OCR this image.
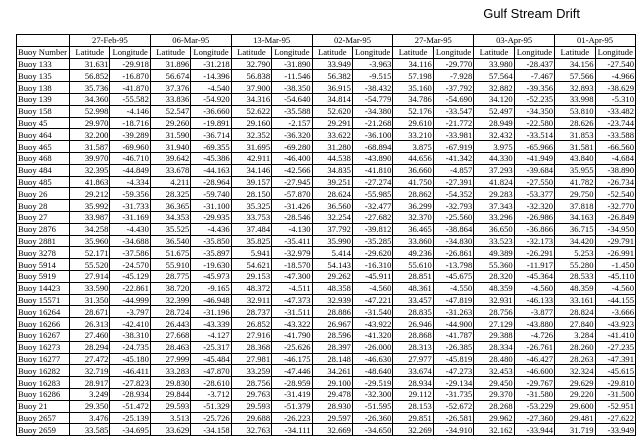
Gulf Stream Drift
	27-Feb-95		06-Mar-95		13-Mar-95		02-Mar-95		27-Mar-95		03-Apr-95		01-Apr-95	
Buoy Number	Latitude	Longitude	Latitude	Longitude	Latitude	Longitude	Latitude	Longitude	Latitude	Longitude	Latitude	Longitude	Latitude	Longitude
Buoy 133	31.631	-29.918	31.896	-31.218	32.790	-31.890	33.949	-3.963	34.116	-29.770	33.980	-28.437	34.156	-27.540
Buoy 135	56.852	-16.870	56.674	-14.396	56.838	-11.546	56.382	-9.515	57.198	-7.928	57.564	-7.467	57.566	-4.966
Buoy 138	35.736	-41.870	37.376	-4.540	37.900	-38.350	36.915	-38.432	35.160	-37.792	32.882	-39.356	32.893	-38.629
Buoy 139	34.360	-55.582	33.836	-54.920	34.316	-54.640	34.814	-54.779	34.786	-54.690	34.120	-52.235	33.998	-5.310
Buoy 158	52.998	-4.146	52.547	-36.660	52.622	-35.588	52.620	-34.380	52.176	-33.547	52.497	-34.350	53.810	-33.482
Buoy 45	29.970	-18.716	29.260	-19.891	29.160	-2.157	29.291	-21.268	29.610	-21.772	28.949	-22.580	28.626	-23.744
Buoy 464	32.200	-39.289	31.590	-36.714	32.352	-36.320	33.622	-36.100	33.210	-33.981	32.432	-33.514	31.853	-33.588
Buoy 465	31.587	-69.960	31.940	-69.355	31.695	-69.280	31.280	-68.894	3.875	-67.919	3.975	-65.966	31.581	-66.560
Buoy 468	39.970	-46.710	39.642	-45.386	42.911	-46.400	44.538	-43.890	44.656	-41.342	44.330	-41.949	43.840	-4.684
Buoy 484	32.395	-44.849	33.678	-44.163	34.146	-42.566	34.835	-41.810	36.660	-4.857	37.293	-39.684	35.955	-38.890
Buoy 485	41.863	-4.334	4.211	-28.964	39.157	-27.945	39.251	-27.274	41.750	-27.391	41.824	-27.550	41.782	-26.734
Buoy 26	29.212	-59.356	28.325	-59.740	28.150	-57.870	28.624	-55.985	28.862	-54.352	29.283	-53.377	29.750	-52.540
Buoy 28	35.992	-31.733	36.365	-31.100	35.325	-31.426	36.560	-32.477	36.299	-32.793	37.343	-32.320	37.818	-32.770
Buoy 27	33.987	-31.169	34.353	-29.935	33.753	-28.546	32.254	-27.682	32.370	-25.560	33.296	-26.986	34.163	-26.849
Buoy 2876	34.258	-4.430	35.525	-4.436	37.484	-4.130	37.792	-39.812	36.465	-38.864	36.650	-36.866	36.715	-34.950
Buoy 2881	35.960	-34.688	36.540	-35.850	35.825	-35.411	35.990	-35.285	33.860	-34.830	33.523	-32.173	34.420	-29.791
Buoy 3278	52.171	-37.586	51.675	-35.897	5.941	-32.979	5.414	-29.620	49.236	-26.861	49.389	-26.291	5.253	-26.991
Buoy 5914	55.520	-24.570	55.910	-19.630	54.621	-18.570	54.143	-16.310	55.610	-13.798	55.360	-11.917	55.280	-1.450
Buoy 5919	27.914	-45.129	28.775	-45.973	29.153	-47.300	29.262	-45.911	28.851	-45.675	28.320	-45.364	28.533	-45.110
Buoy 14423	33.590	-22.861	38.720	-9.165	48.372	-4.511	48.358	-4.560	48.361	-4.550	48.359	-4.560	48.359	-4.560
Buoy 15571	31.350	-44.999	32.399	-46.948	32.911	-47.373	32.939	-47.221	33.457	-47.819	32.931	-46.133	33.161	-44.155
Buoy 16264	28.671	-3.797	28.724	-31.196	28.737	-31.511	28.886	-31.540	28.835	-31.263	28.756	-3.877	28.824	-3.666
Buoy 16266	26.313	-42.410	26.443	-43.339	26.852	-43.322	26.967	-43.922	26.946	-44.900	27.129	-43.880	27.840	-43.923
Buoy 16267	27.460	-38.310	27.668	-4.127	27.916	-41.790	28.596	-41.320	28.868	-41.787	29.388	-4.726	3.284	-41.410
Buoy 16273	28.294	-24.735	28.463	-25.317	28.368	-25.626	28.397	-26.000	28.313	-26.385	28.334	-26.761	28.260	-27.235
Buoy 16277	27.472	-45.180	27.999	-45.484	27.981	-46.175	28.148	-46.630	27.977	-45.819	28.480	-46.427	28.263	-47.391
Buoy 16282	32.719	-46.411	33.283	-47.870	33.259	-47.446	34.261	-48.640	33.674	-47.273	32.453	-46.600	32.324	-45.615
Buoy 16283	28.917	-27.823	29.830	-28.610	28.756	-28.959	29.100	-29.519	28.934	-29.134	29.450	-29.767	29.629	-29.810
Buoy 16286	3.249	-28.934	29.844	-3.712	29.763	-31.419	29.478	-32.300	29.112	-31.735	29.370	-31.580	29.220	-31.500
Buoy 21	29.350	-51.472	29.593	-51.329	29.593	-51.379	28.930	-51.595	28.153	-52.672	28.268	-53.229	29.600	-52.951
Buoy 2657	3.476	-25.139	3.513	-25.726	29.688	-26.223	29.597	-26.360	29.851	-26.581	29.962	-27.360	29.481	-27.622
Buoy 2659	33.585	-34.695	33.629	-34.158	32.763	-34.111	32.669	-34.650	32.269	-34.910	32.162	-33.944	31.719	-33.949
